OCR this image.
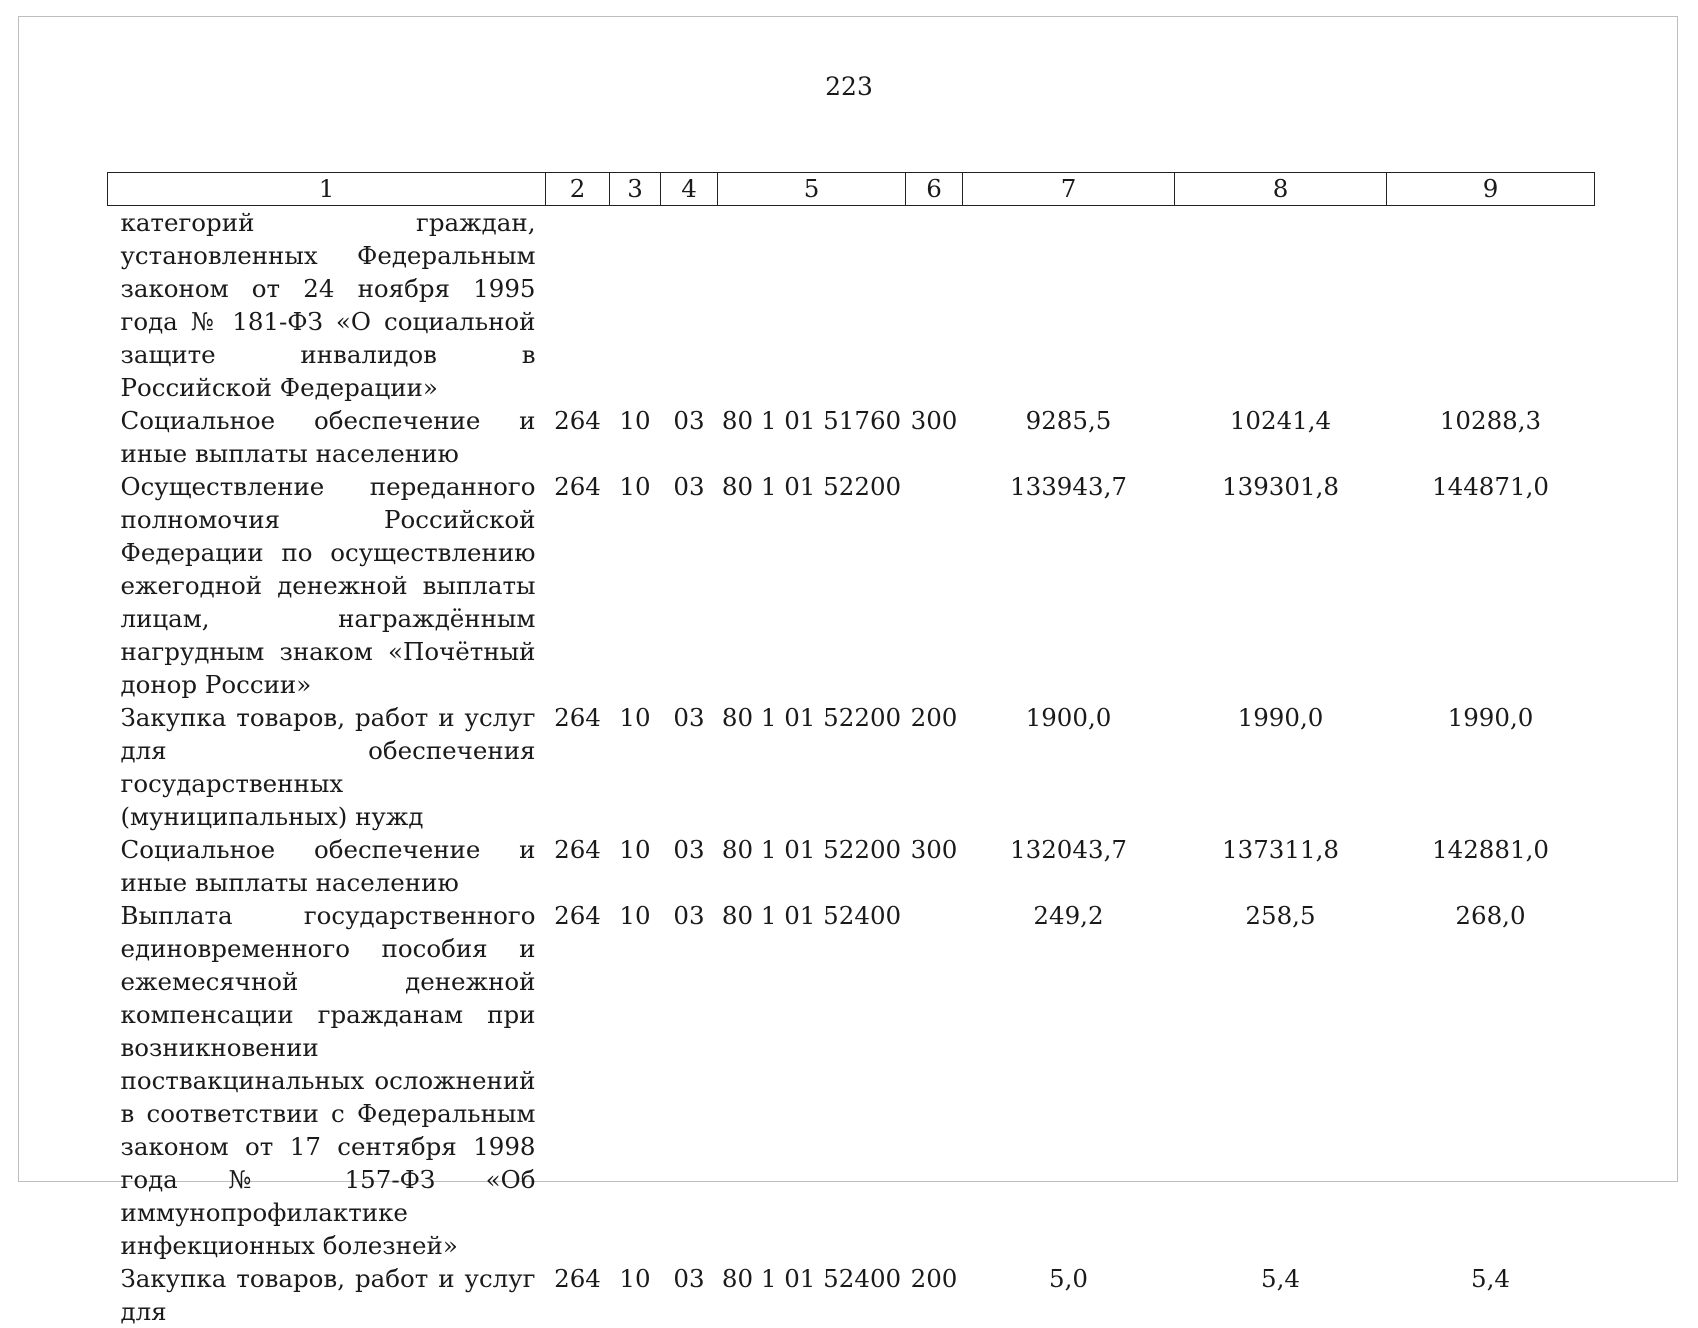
223
1	2	3	4	5	6	7	8	9
категорий граждан, установленных Федеральным законом от 24 ноября 1995 года № 181-ФЗ «О социальной защите инвалидов в Российской Федерации»								
Социальное обеспечение и иные выплаты населению	264	10	03	80 1 01 51760	300	9285,5	10241,4	10288,3
Осуществление переданного полномочия Российской Федерации по осуществлению ежегодной денежной выплаты лицам, награждённым нагрудным знаком «Почётный донор России»	264	10	03	80 1 01 52200		133943,7	139301,8	144871,0
Закупка товаров, работ и услуг для обеспечения государственных (муниципальных) нужд	264	10	03	80 1 01 52200	200	1900,0	1990,0	1990,0
Социальное обеспечение и иные выплаты населению	264	10	03	80 1 01 52200	300	132043,7	137311,8	142881,0
Выплата государственного единовременного пособия и ежемесячной денежной компенсации гражданам при возникновении поствакцинальных осложнений в соответствии с Федеральным законом от 17 сентября 1998 года № 157-ФЗ «Об иммунопрофилактике инфекционных болезней»	264	10	03	80 1 01 52400		249,2	258,5	268,0
Закупка товаров, работ и услуг для	264	10	03	80 1 01 52400	200	5,0	5,4	5,4
